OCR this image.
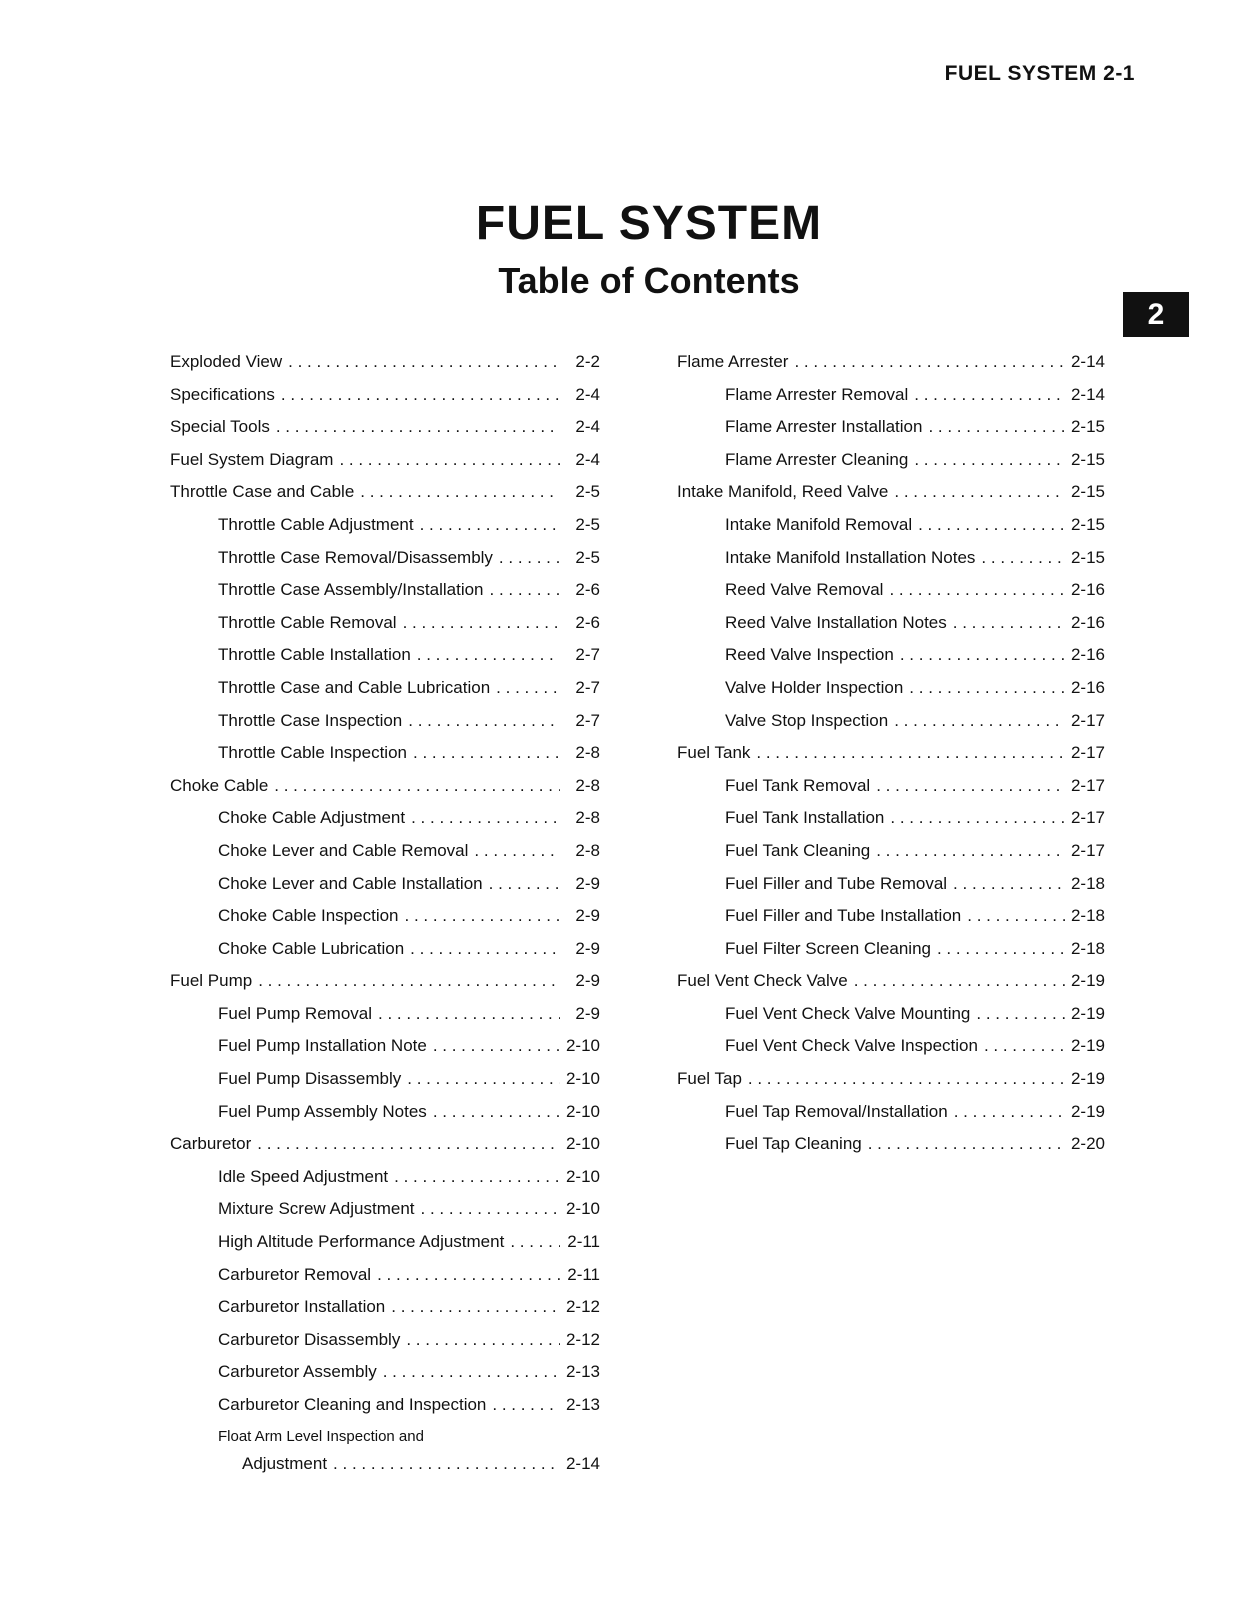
FUEL SYSTEM 2-1
2
FUEL SYSTEM
Table of Contents
Exploded View . . .	2-2
Specifications . . .	2-4
Special Tools . . .	2-4
Fuel System Diagram . . .	2-4
Throttle Case and Cable . . .	2-5
Throttle Cable Adjustment . . .	2-5
Throttle Case Removal/Disassembly . . .	2-5
Throttle Case Assembly/Installation . . .	2-6
Throttle Cable Removal . . .	2-6
Throttle Cable Installation . . .	2-7
Throttle Case and Cable Lubrication . . .	2-7
Throttle Case Inspection . . .	2-7
Throttle Cable Inspection . . .	2-8
Choke Cable . . .	2-8
Choke Cable Adjustment . . .	2-8
Choke Lever and Cable Removal . . .	2-8
Choke Lever and Cable Installation . . .	2-9
Choke Cable Inspection . . .	2-9
Choke Cable Lubrication . . .	2-9
Fuel Pump . . .	2-9
Fuel Pump Removal . . .	2-9
Fuel Pump Installation Note . . .	2-10
Fuel Pump Disassembly . . .	2-10
Fuel Pump Assembly Notes . . .	2-10
Carburetor . . .	2-10
Idle Speed Adjustment . . .	2-10
Mixture Screw Adjustment . . .	2-10
High Altitude Performance Adjustment . . .	2-11
Carburetor Removal . . .	2-11
Carburetor Installation . . .	2-12
Carburetor Disassembly . . .	2-12
Carburetor Assembly . . .	2-13
Carburetor Cleaning and Inspection . . .	2-13
Float Arm Level Inspection and
Adjustment . . .	2-14
Flame Arrester . . .	2-14
Flame Arrester Removal . . .	2-14
Flame Arrester Installation . . .	2-15
Flame Arrester Cleaning . . .	2-15
Intake Manifold, Reed Valve . . .	2-15
Intake Manifold Removal . . .	2-15
Intake Manifold Installation Notes . . .	2-15
Reed Valve Removal . . .	2-16
Reed Valve Installation Notes . . .	2-16
Reed Valve Inspection . . .	2-16
Valve Holder Inspection . . .	2-16
Valve Stop Inspection . . .	2-17
Fuel Tank . . .	2-17
Fuel Tank Removal . . .	2-17
Fuel Tank Installation . . .	2-17
Fuel Tank Cleaning . . .	2-17
Fuel Filler and Tube Removal . . .	2-18
Fuel Filler and Tube Installation . . .	2-18
Fuel Filter Screen Cleaning . . .	2-18
Fuel Vent Check Valve . . .	2-19
Fuel Vent Check Valve Mounting . . .	2-19
Fuel Vent Check Valve Inspection . . .	2-19
Fuel Tap . . .	2-19
Fuel Tap Removal/Installation . . .	2-19
Fuel Tap Cleaning . . .	2-20
